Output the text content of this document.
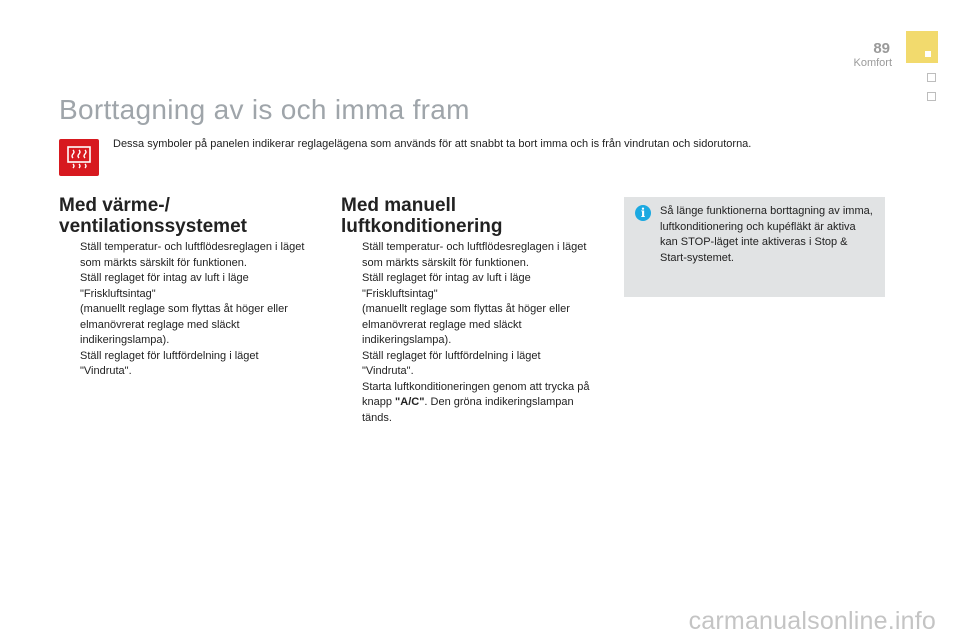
89
Komfort
Borttagning av is och imma fram

Dessa symboler på panelen indikerar reglagelägena som används för att snabbt ta bort imma och is från vindrutan och sidorutorna.

Med värme-/
ventilationssystemet
Ställ temperatur- och luftflödesreglagen i läget som märkts särskilt för funktionen.
Ställ reglaget för intag av luft i läge "Friskluftsintag"
(manuellt reglage som flyttas åt höger eller elmanövrerat reglage med släckt indikeringslampa).
Ställ reglaget för luftfördelning i läget "Vindruta".
Med manuell
luftkonditionering
Ställ temperatur- och luftflödesreglagen i läget som märkts särskilt för funktionen.
Ställ reglaget för intag av luft i läge "Friskluftsintag"
(manuellt reglage som flyttas åt höger eller elmanövrerat reglage med släckt indikeringslampa).
Ställ reglaget för luftfördelning i läget "Vindruta".
Starta luftkonditioneringen genom att trycka på knapp "A/C". Den gröna indikeringslampan tänds.
i	Så länge funktionerna borttagning av imma, luftkonditionering och kupéfläkt är aktiva kan STOP-läget inte aktiveras i Stop & Start-systemet.

carmanualsonline.info
